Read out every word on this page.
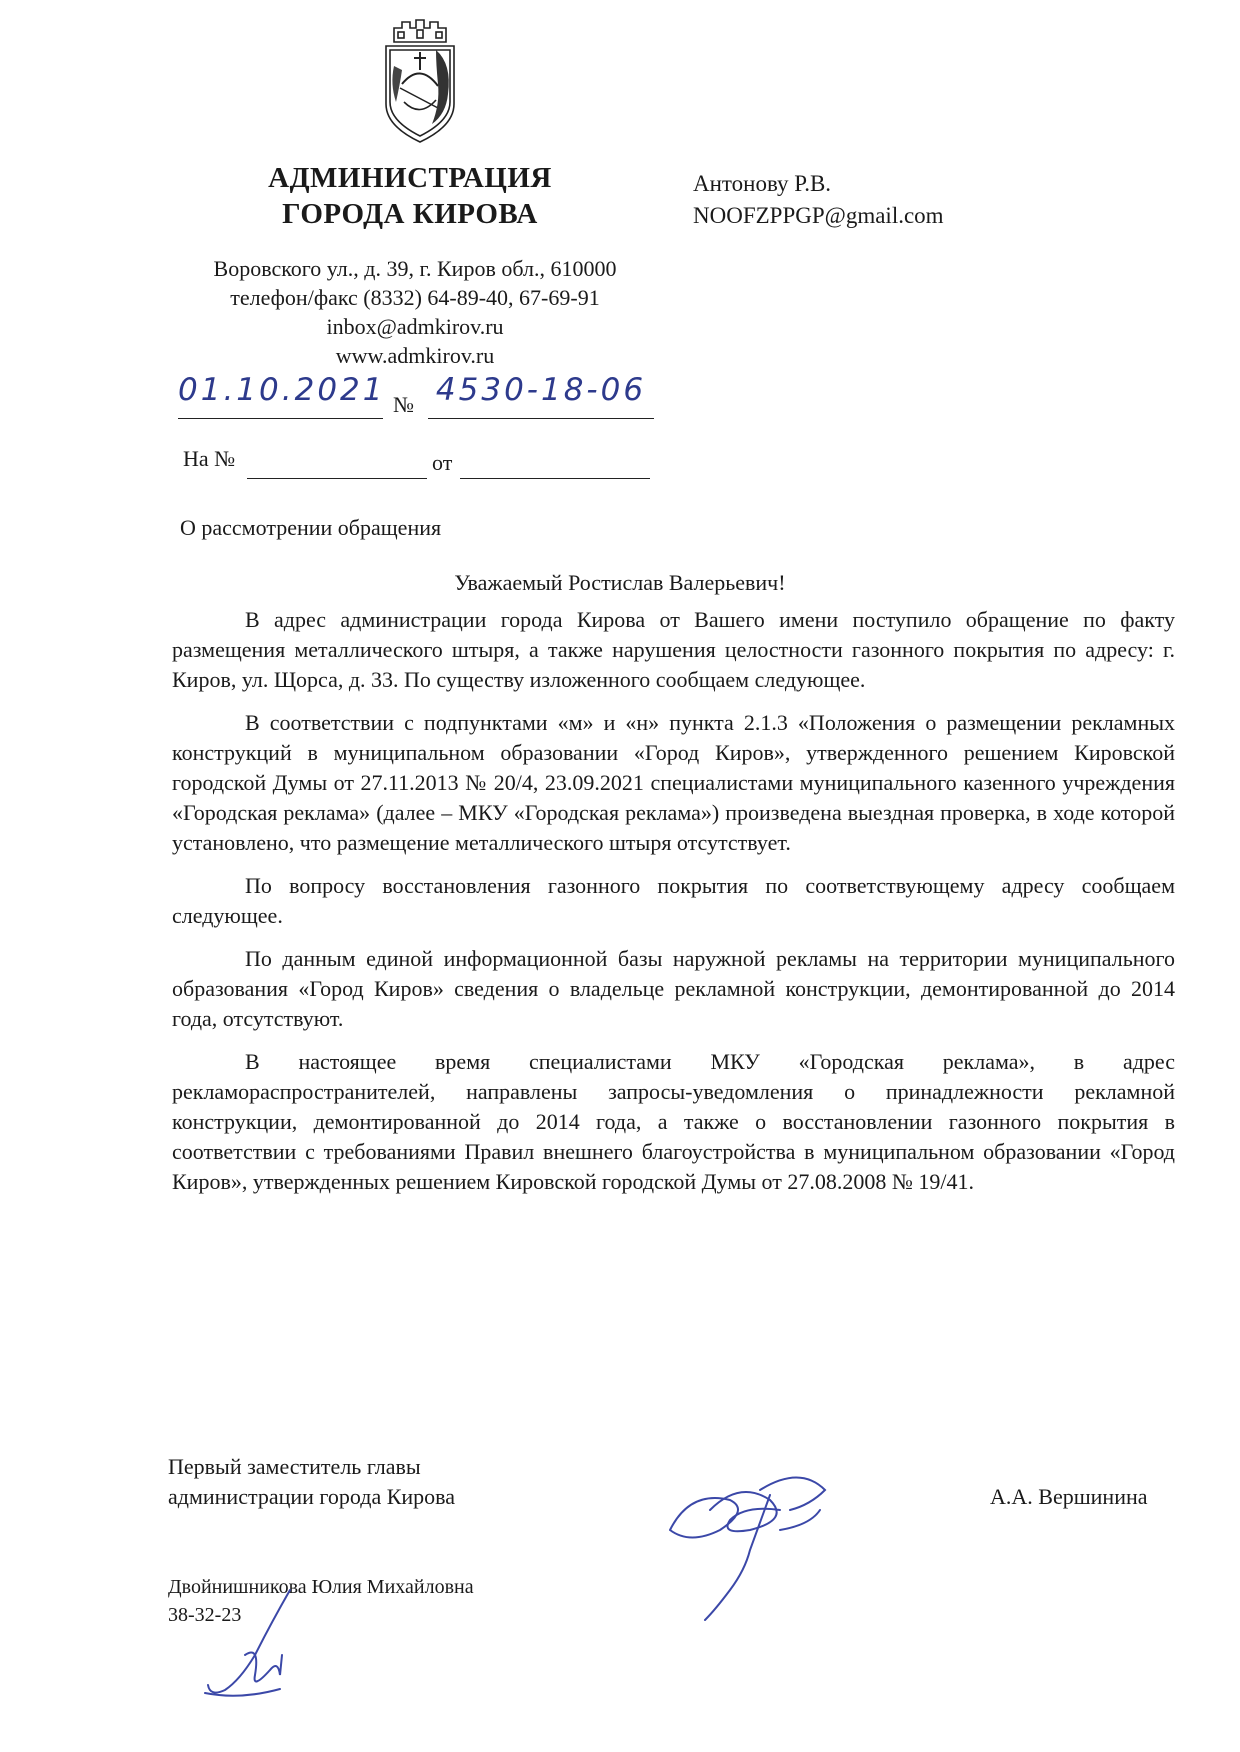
АДМИНИСТРАЦИЯ
ГОРОДА КИРОВА
Антонову Р.В.
NOOFZPPGP@gmail.com
Воровского ул., д. 39, г. Киров обл., 610000
телефон/факс (8332) 64-89-40, 67-69-91
inbox@admkirov.ru
www.admkirov.ru
01.10.2021 № 4530-18-06
На №	от
О рассмотрении обращения
Уважаемый Ростислав Валерьевич!

В адрес администрации города Кирова от Вашего имени поступило обращение по факту размещения металлического штыря, а также нарушения целостности газонного покрытия по адресу: г. Киров, ул. Щорса, д. 33. По существу изложенного сообщаем следующее.

В соответствии с подпунктами «м» и «н» пункта 2.1.3 «Положения о размещении рекламных конструкций в муниципальном образовании «Город Киров», утвержденного решением Кировской городской Думы от 27.11.2013 № 20/4, 23.09.2021 специалистами муниципального казенного учреждения «Городская реклама» (далее – МКУ «Городская реклама») произведена выездная проверка, в ходе которой установлено, что размещение металлического штыря отсутствует.

По вопросу восстановления газонного покрытия по соответствующему адресу сообщаем следующее.

По данным единой информационной базы наружной рекламы на территории муниципального образования «Город Киров» сведения о владельце рекламной конструкции, демонтированной до 2014 года, отсутствуют.

В настоящее время специалистами МКУ «Городская реклама», в адрес рекламораспространителей, направлены запросы-уведомления о принадлежности рекламной конструкции, демонтированной до 2014 года, а также о восстановлении газонного покрытия в соответствии с требованиями Правил внешнего благоустройства в муниципальном образовании «Город Киров», утвержденных решением Кировской городской Думы от 27.08.2008 № 19/41.

Первый заместитель главы
администрации города Кирова	А.А. Вершинина
Двойнишникова Юлия Михайловна
38-32-23
